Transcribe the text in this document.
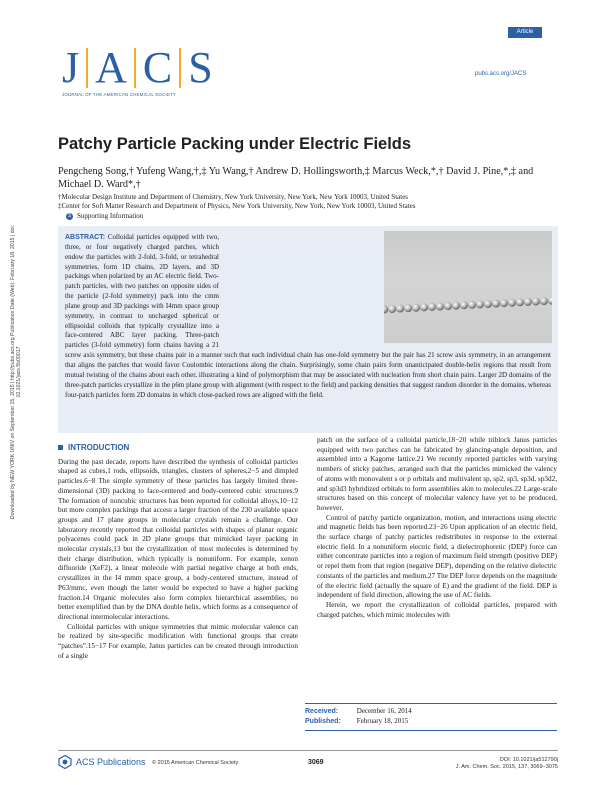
Downloaded by NEW YORK UNIV on September 15, 2015 | http://pubs.acs.org Publication Date (Web): February 18, 2015 | doi: 10.1021/jacs.5b00017
J A C S
JOURNAL OF THE AMERICAN CHEMICAL SOCIETY
Article
pubs.acs.org/JACS
Patchy Particle Packing under Electric Fields
Pengcheng Song,† Yufeng Wang,†,‡ Yu Wang,† Andrew D. Hollingsworth,‡ Marcus Weck,*,† David J. Pine,*,‡ and Michael D. Ward*,†
†Molecular Design Institute and Department of Chemistry, New York University, New York, New York 10003, United States
S Supporting Information
‡Center for Soft Matter Research and Department of Physics, New York University, New York, New York 10003, United States
ABSTRACT: Colloidal particles equipped with two, three, or four negatively charged patches, which endow the particles with 2-fold, 3-fold, or tetrahedral symmetries, form 1D chains, 2D layers, and 3D packings when polarized by an AC electric field. Two-patch particles, with two patches on opposite sides of the particle (2-fold symmetry) pack into the cmm plane group and 3D packings with I4mm space group symmetry, in contrast to uncharged spherical or ellipsoidal colloids that typically crystallize into a face-centered ABC layer packing. Three-patch particles (3-fold symmetry) form chains having a 21 screw axis symmetry, but these chains pair in a manner such that each individual chain has one-fold symmetry but the pair has 21 screw axis symmetry, in an arrangement that aligns the patches that would favor Coulombic interactions along the chain. Surprisingly, some chain pairs form unanticipated double-helix regions that result from mutual twisting of the chains about each other, illustrating a kind of polymorphism that may be associated with nucleation from short chain pairs. Larger 2D domains of the three-patch particles crystallize in the p6m plane group with alignment (with respect to the field) and packing densities that suggest random disorder in the domains, whereas four-patch particles form 2D domains in which close-packed rows are aligned with the field.
INTRODUCTION

During the past decade, reports have described the synthesis of colloidal particles shaped as cubes,1 rods, ellipsoids, triangles, clusters of spheres,2−5 and dimpled particles.6−8 The simple symmetry of these particles has largely limited three-dimensional (3D) packing to face-centered and body-centered cubic structures.9 The formation of noncubic structures has been reported for colloidal alloys,10−12 but more complex packings that access a larger fraction of the 230 available space groups and 17 plane groups in molecular crystals remain a challenge. Our laboratory recently reported that colloidal particles with shapes of planar organic polyacenes could pack in 2D plane groups that mimicked layer packing in molecular crystals,13 but the crystallization of most molecules is determined by their charge distribution, which typically is nonuniform. For example, xenon difluoride (XeF2), a linear molecule with partial negative charge at both ends, crystallizes in the I4 mmm space group, a body-centered structure, instead of P63/mmc, even though the latter would be expected to have a higher packing fraction.14 Organic molecules also form complex hierarchical assemblies, no better exemplified than by the DNA double helix, which forms as a consequence of directional intermolecular interactions.

Colloidal particles with unique symmetries that mimic molecular valence can be realized by site-specific modification with functional groups that create “patches”.15−17 For example, Janus particles can be created through introduction of a single

patch on the surface of a colloidal particle,18−20 while triblock Janus particles equipped with two patches can be fabricated by glancing-angle deposition, and assembled into a Kagome lattice.21 We recently reported particles with varying numbers of sticky patches, arranged such that the particles mimicked the valency of atoms with monovalent s or p orbitals and multivalent sp, sp2, sp3, sp3d, sp3d2, and sp3d3 hybridized orbitals to form assemblies akin to molecules.22 Large-scale structures based on this concept of molecular valency have yet to be produced, however.

Control of patchy particle organization, motion, and interactions using electric and magnetic fields has been reported.23−26 Upon application of an electric field, the surface charge of patchy particles redistributes in response to the external electric field. In a nonuniform electric field, a dielectrophoretic (DEP) force can either concentrate particles into a region of maximum field strength (positive DEP) or repel them from that region (negative DEP), depending on the relative dielectric constants of the particles and medium.27 The DEP force depends on the magnitude of the electric field (actually the square of E) and the gradient of the field. DEP is independent of field direction, allowing the use of AC fields.

Herein, we report the crystallization of colloidal particles, prepared with charged patches, which mimic molecules with

Received:	December 16, 2014
Published: February 18, 2015
ACS Publications © 2015 American Chemical Society	3069	DOI: 10.1021/ja512790j
J. Am. Chem. Soc. 2015, 137, 3069−3075
